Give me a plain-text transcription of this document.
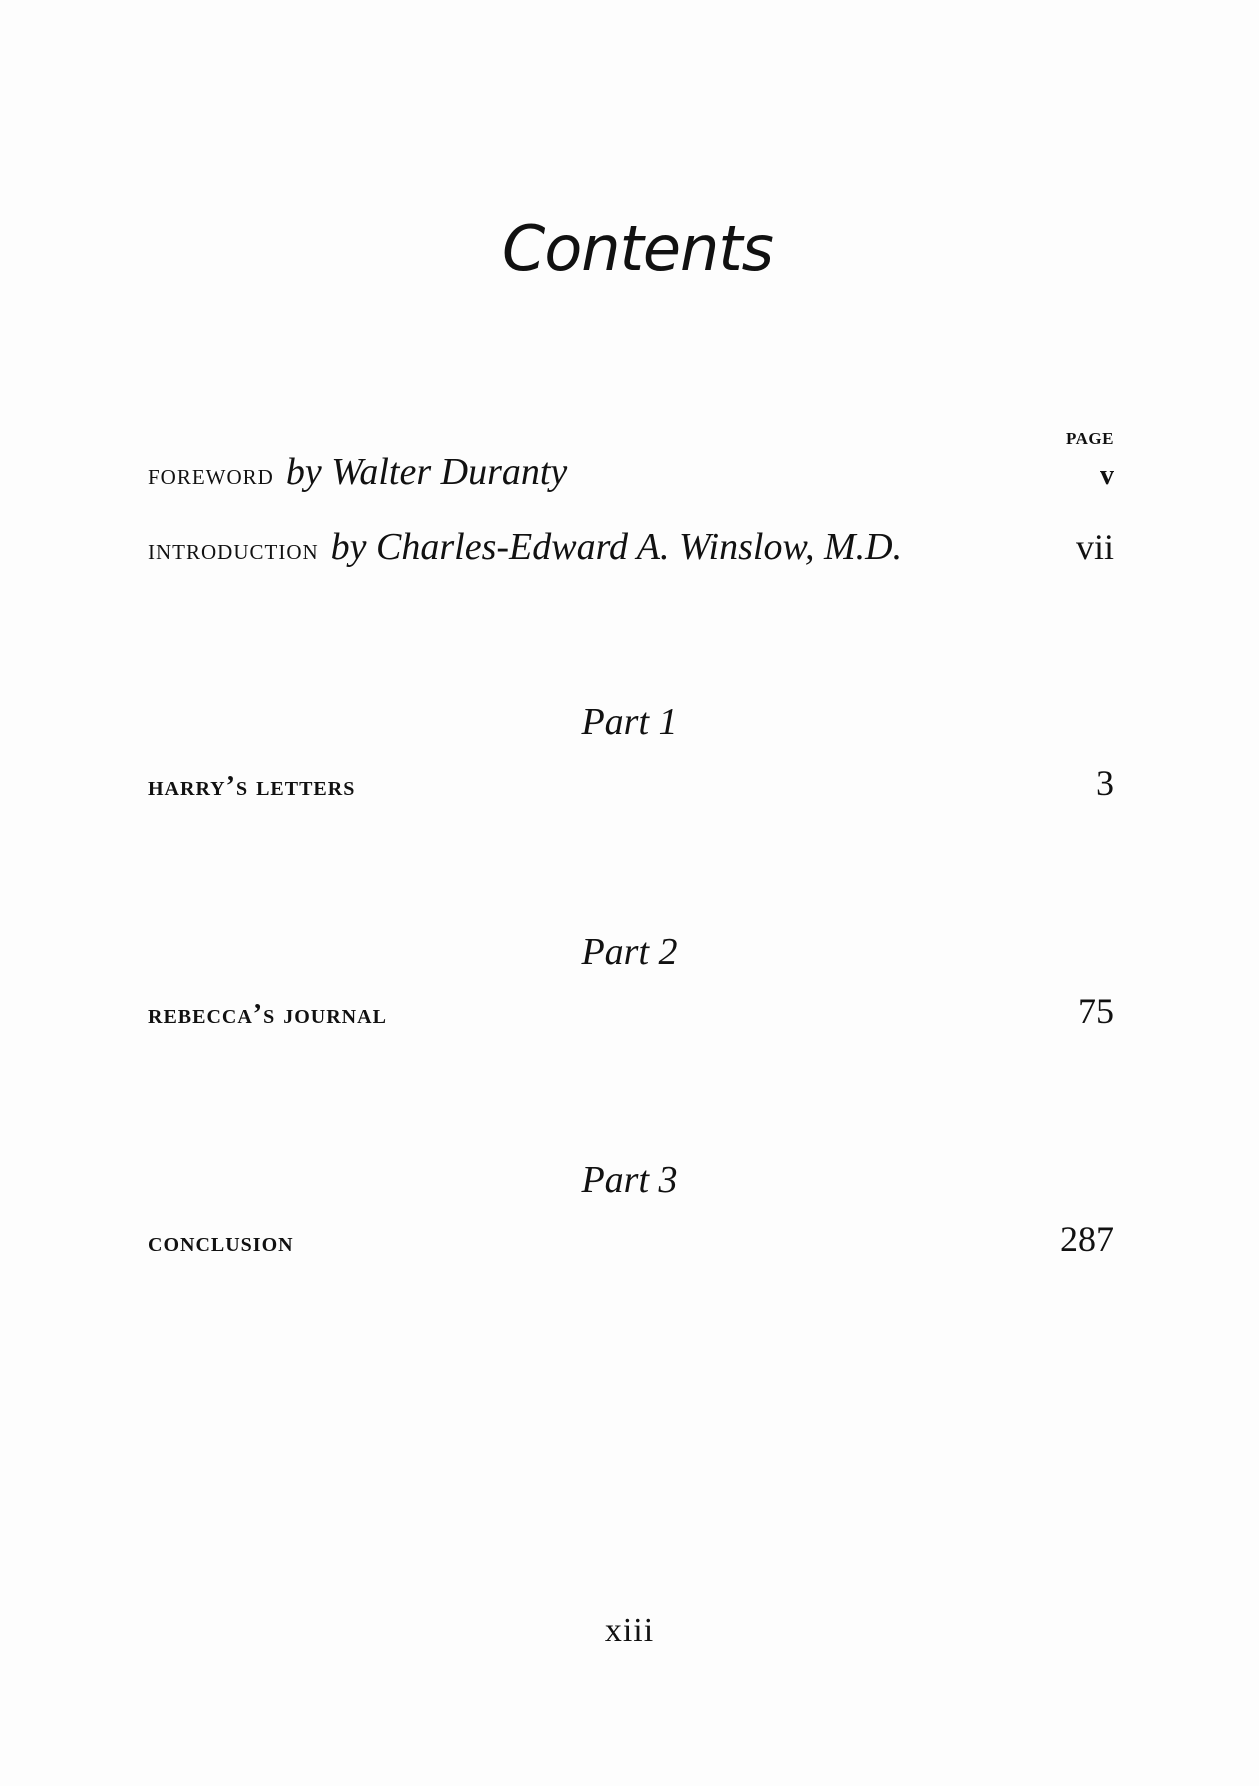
Contents
PAGE
foreword by Walter Duranty	v
introduction by Charles-Edward A. Winslow, M.D.	vii
Part 1
harry’s letters	3
Part 2
rebecca’s journal	75
Part 3
conclusion	287
xiii
